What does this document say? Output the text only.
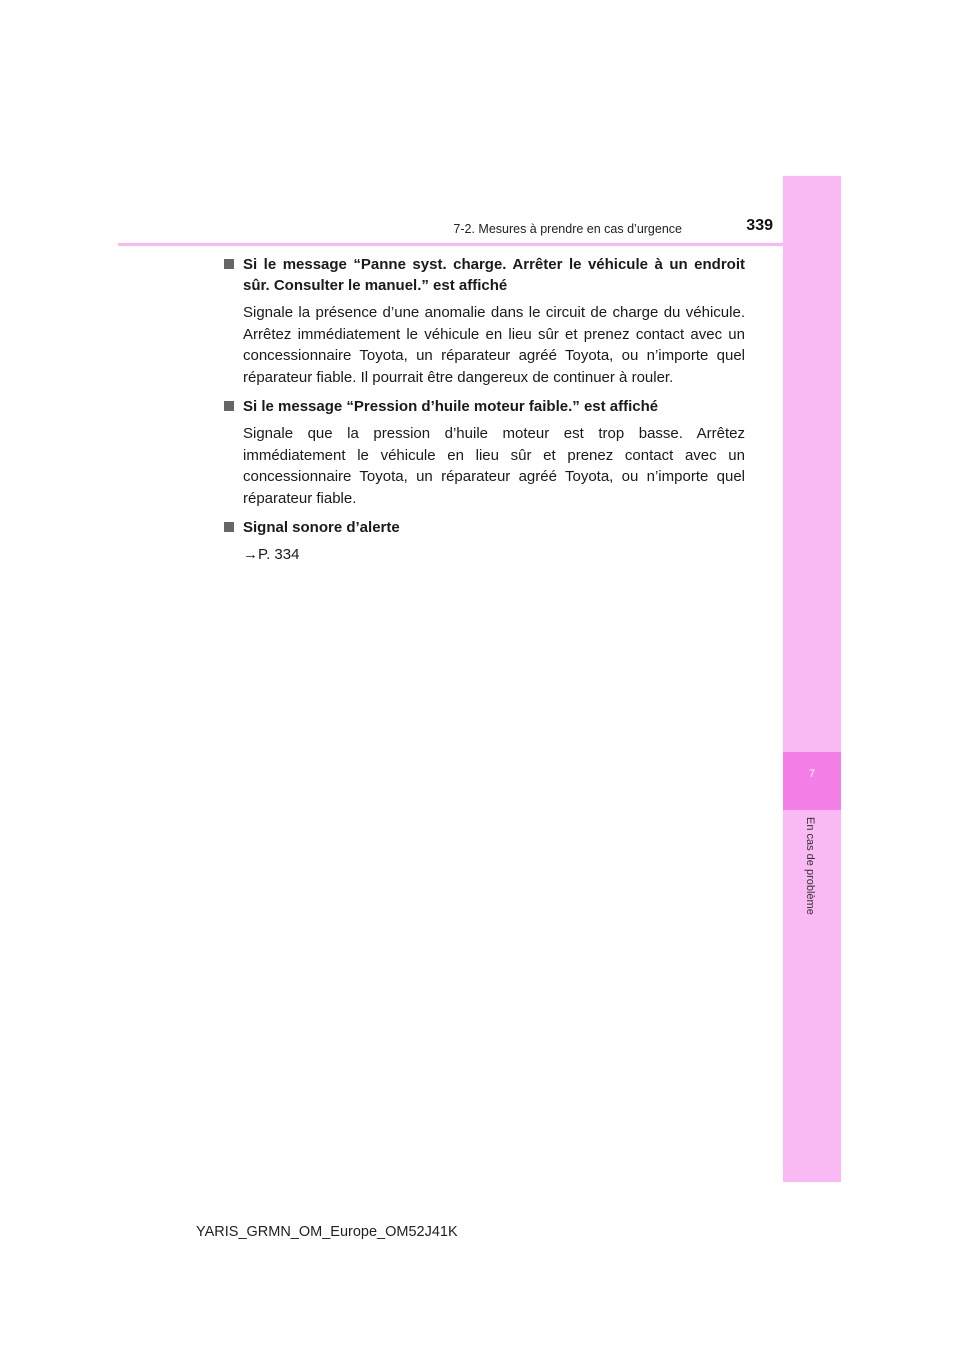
7
En cas de problème
7-2. Mesures à prendre en cas d’urgence	339

Si le message “Panne syst. charge. Arrêter le véhicule à un endroit sûr. Consulter le manuel.” est affiché

Signale la présence d’une anomalie dans le circuit de charge du véhicule. Arrêtez immédiatement le véhicule en lieu sûr et prenez contact avec un concessionnaire Toyota, un réparateur agréé Toyota, ou n’importe quel réparateur fiable. Il pourrait être dangereux de continuer à rouler.

Si le message “Pression d’huile moteur faible.” est affiché

Signale que la pression d’huile moteur est trop basse. Arrêtez immédiatement le véhicule en lieu sûr et prenez contact avec un concessionnaire Toyota, un réparateur agréé Toyota, ou n’importe quel réparateur fiable.

Signal sonore d’alerte

→P. 334

YARIS_GRMN_OM_Europe_OM52J41K
